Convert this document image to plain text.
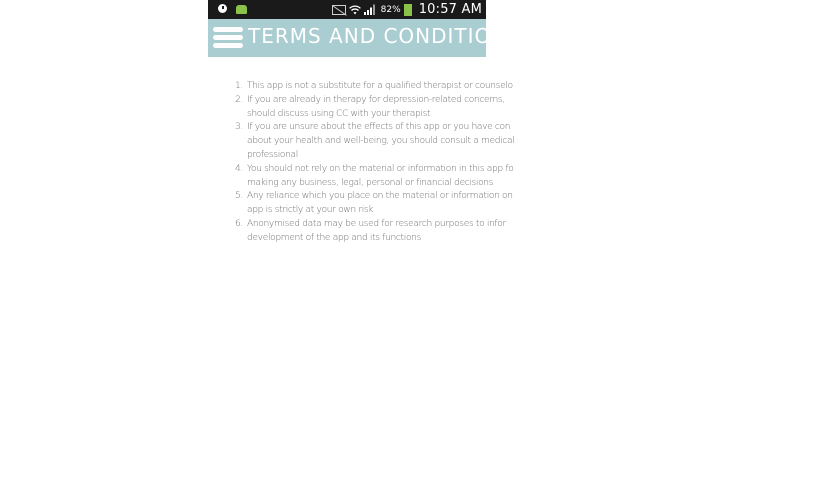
82% 10:57 AM
TERMS AND CONDITIONS
1. This app is not a substitute for a qualified therapist or counselo
2. If you are already in therapy for depression-related concerns,
should discuss using CC with your therapist
3. If you are unsure about the effects of this app or you have con
about your health and well-being, you should consult a medical
professional
4. You should not rely on the material or information in this app fo
making any business, legal, personal or financial decisions
5. Any reliance which you place on the material or information on
app is strictly at your own risk
6. Anonymised data may be used for research purposes to infor
development of the app and its functions
